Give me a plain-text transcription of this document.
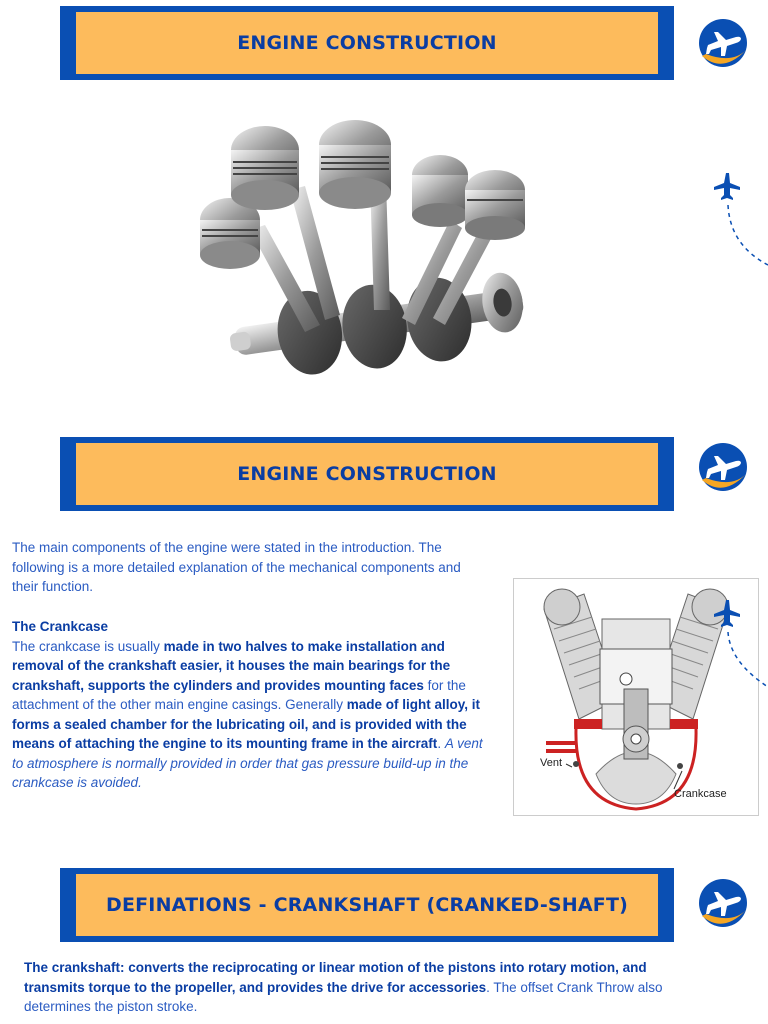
ENGINE CONSTRUCTION
ENGINE CONSTRUCTION
The main components of the engine were stated in the introduction. The following is a more detailed explanation of the mechanical components and their function.
The Crankcase
The crankcase is usually made in two halves to make installation and removal of the crankshaft easier, it houses the main bearings for the crankshaft, supports the cylinders and provides mounting faces for the attachment of the other main engine casings. Generally made of light alloy, it forms a sealed chamber for the lubricating oil, and is provided with the means of attaching the engine to its mounting frame in the aircraft. A vent to atmosphere is normally provided in order that gas pressure build-up in the crankcase is avoided.
Vent
Crankcase
DEFINATIONS - CRANKSHAFT (CRANKED-SHAFT)
The crankshaft: converts the reciprocating or linear motion of the pistons into rotary motion, and transmits torque to the propeller, and provides the drive for accessories. The offset Crank Throw also determines the piston stroke.
